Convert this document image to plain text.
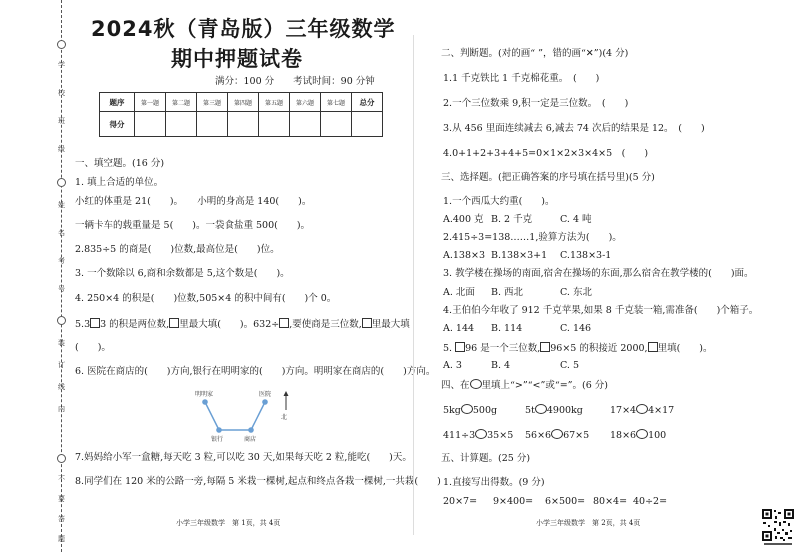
学
校
班
级
姓
名
考
号
装
订
线
内
不
要
答
题
2024秋（青岛版）三年级数学
期中押题试卷
满分：100 分　　考试时间：90 分钟
题序	第一题	第二题	第三题	第四题	第五题	第六题	第七题	总分
得分								
一、填空题。(16 分)
1. 填上合适的单位。
小红的体重是 21(　　)。　　小明的身高是 140(　　)。
一辆卡车的载重量是 5(　　)。一袋食盐重 500(　　)。
2.835÷5 的商是(　　)位数,最高位是(　　)位。
3. 一个数除以 6,商和余数都是 5,这个数是(　　)。
4. 250×4 的积是(　　)位数,505×4 的积中间有(　　)个 0。
5.3 3 的积是两位数, 里最大填(　　)。632÷ ,要使商是三位数, 里最大填
(　　)。
6. 医院在商店的(　　)方向,银行在明明家的(　　)方向。明明家在商店的(　　)方向。
明明家	医院
银行	商店
北
7.妈妈给小军一盒糖,每天吃 3 粒,可以吃 30 天,如果每天吃 2 粒,能吃(　　)天。
8.同学们在 120 米的公路一旁,每隔 5 米栽一棵树,起点和终点各栽一棵树,一共栽(　　)
小学三年级数学　第 1页，共 4页
二、判断题。(对的画“ ”，错的画“✕”)(4 分)
1.1 千克铁比 1 千克棉花重。　(　　)
2.一个三位数乘 9,积一定是三位数。　(　　)
3.从 456 里面连续减去 6,减去 74 次后的结果是 12。　(　　)
4.0+1+2+3+4+5=0×1×2×3×4×5　(　　)
三、选择题。(把正确答案的序号填在括号里)(5 分)
1.一个西瓜大约重(　　)。
A.400 克 B. 2 千克	C. 4 吨
2.415÷3=138……1,验算方法为(　　)。
A.138×3 B.138×3+1 C.138×3-1
3. 教学楼在操场的南面,宿舍在操场的东面,那么宿舍在教学楼的(　　)面。
A. 北面 B. 西北	C. 东北
4.王伯伯今年收了 912 千克苹果,如果 8 千克装一箱,需准备(　　)个箱子。
A. 144 B. 114	C. 146
5. 96 是一个三位数, 96×5 的积接近 2000, 里填(　　)。
A. 3	B. 4	C. 5
四、在 里填上“>”“<”或“=”。(6 分)
5kg 500g	5t 4900kg	17×4 4×17
411÷3 35×5 56×6 67×5 18×6 100
五、计算题。(25 分)
1.直接写出得数。(9 分)
20×7= 9×400= 6×500= 80×4= 40÷2=
小学三年级数学　第 2页，共 4页
